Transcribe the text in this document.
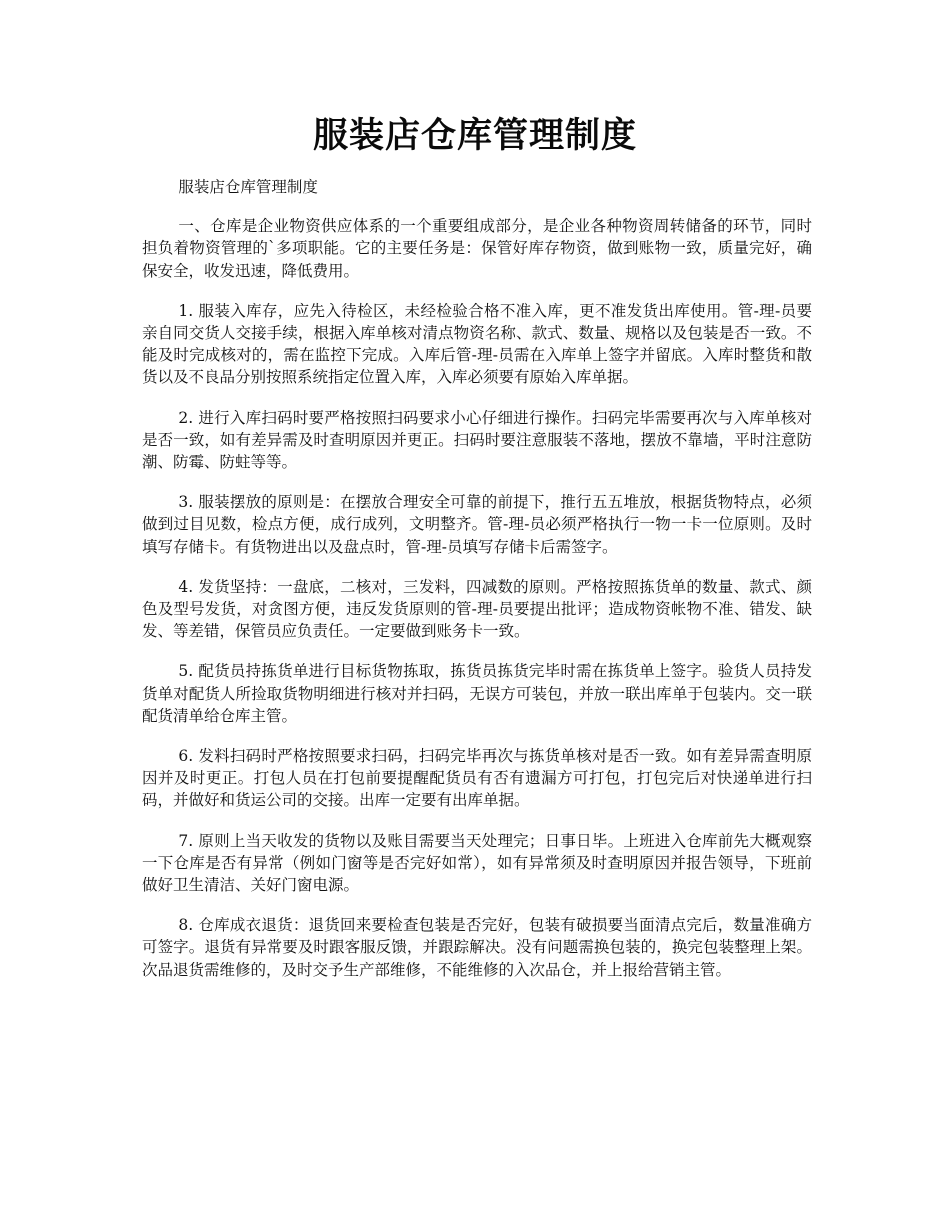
服装店仓库管理制度

服装店仓库管理制度

一、仓库是企业物资供应体系的一个重要组成部分，是企业各种物资周转储备的环节，同时担负着物资管理的`多项职能。它的主要任务是：保管好库存物资，做到账物一致，质量完好，确保安全，收发迅速，降低费用。

1. 服装入库存，应先入待检区，未经检验合格不准入库，更不准发货出库使用。管-理-员要亲自同交货人交接手续，根据入库单核对清点物资名称、款式、数量、规格以及包装是否一致。不能及时完成核对的，需在监控下完成。入库后管-理-员需在入库单上签字并留底。入库时整货和散货以及不良品分别按照系统指定位置入库，入库必须要有原始入库单据。

2. 进行入库扫码时要严格按照扫码要求小心仔细进行操作。扫码完毕需要再次与入库单核对是否一致，如有差异需及时查明原因并更正。扫码时要注意服装不落地，摆放不靠墙，平时注意防潮、防霉、防蛀等等。

3. 服装摆放的原则是：在摆放合理安全可靠的前提下，推行五五堆放，根据货物特点，必须做到过目见数，检点方便，成行成列，文明整齐。管-理-员必须严格执行一物一卡一位原则。及时填写存储卡。有货物进出以及盘点时，管-理-员填写存储卡后需签字。

4. 发货坚持：一盘底，二核对，三发料，四减数的原则。严格按照拣货单的数量、款式、颜色及型号发货，对贪图方便，违反发货原则的管-理-员要提出批评；造成物资帐物不准、错发、缺发、等差错，保管员应负责任。一定要做到账务卡一致。

5. 配货员持拣货单进行目标货物拣取，拣货员拣货完毕时需在拣货单上签字。验货人员持发货单对配货人所捡取货物明细进行核对并扫码，无误方可装包，并放一联出库单于包装内。交一联配货清单给仓库主管。

6. 发料扫码时严格按照要求扫码，扫码完毕再次与拣货单核对是否一致。如有差异需查明原因并及时更正。打包人员在打包前要提醒配货员有否有遗漏方可打包，打包完后对快递单进行扫码，并做好和货运公司的交接。出库一定要有出库单据。

7. 原则上当天收发的货物以及账目需要当天处理完；日事日毕。上班进入仓库前先大概观察一下仓库是否有异常（例如门窗等是否完好如常），如有异常须及时查明原因并报告领导，下班前做好卫生清洁、关好门窗电源。

8. 仓库成衣退货：退货回来要检查包装是否完好，包装有破损要当面清点完后，数量准确方可签字。退货有异常要及时跟客服反馈，并跟踪解决。没有问题需换包装的，换完包装整理上架。次品退货需维修的，及时交予生产部维修，不能维修的入次品仓，并上报给营销主管。
